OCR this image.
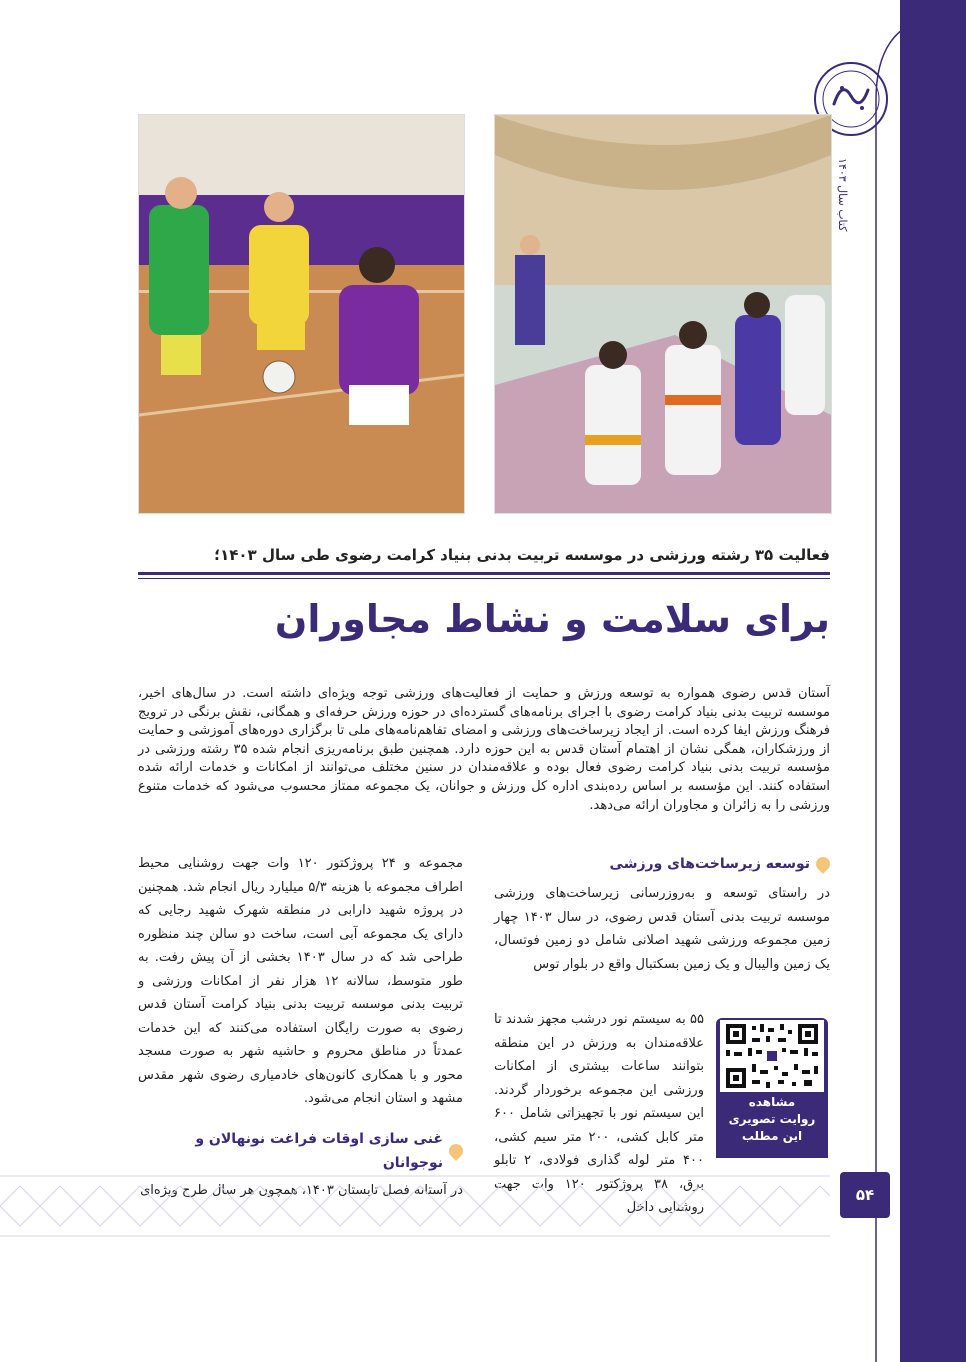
کتاب سال ۱۴۰۳
فعالیت ۳۵ رشته ورزشی در موسسه تربیت بدنی بنیاد کرامت رضوی طی سال ۱۴۰۳؛
برای سلامت و نشاط مجاوران
آستان قدس رضوی همواره به توسعه ورزش و حمایت از فعالیت‌های ورزشی توجه ویژه‌ای داشته است. در سال‌های اخیر، موسسه تربیت بدنی بنیاد کرامت رضوی با اجرای برنامه‌های گسترده‌ای در حوزه ورزش حرفه‌ای و همگانی، نقش برنگی در ترویج فرهنگ ورزش ایفا کرده است. از ایجاد زیرساخت‌های ورزشی و امضای تفاهم‌نامه‌های ملی تا برگزاری دوره‌های آموزشی و حمایت از ورزشکاران، همگی نشان از اهتمام آستان قدس به این حوزه دارد. همچنین طبق برنامه‌ریزی انجام شده ۳۵ رشته ورزشی در مؤسسه تربیت بدنی بنیاد کرامت رضوی فعال بوده و علاقه‌مندان در سنین مختلف می‌توانند از امکانات و خدمات ارائه شده استفاده کنند. این مؤسسه بر اساس رده‌بندی اداره کل ورزش و جوانان، یک مجموعه ممتاز محسوب می‌شود که خدمات متنوع ورزشی را به زائران و مجاوران ارائه می‌دهد.
توسعه زیرساخت‌های ورزشی

در راستای توسعه و به‌روزرسانی زیرساخت‌های ورزشی موسسه تربیت بدنی آستان قدس رضوی، در سال ۱۴۰۳ چهار زمین مجموعه ورزشی شهید اصلانی شامل دو زمین فوتسال، یک زمین والیبال و یک زمین بسکتبال واقع در بلوار توس

۵۵ به سیستم نور درشب مجهز شدند تا علاقه‌مندان به ورزش در این منطقه بتوانند ساعات بیشتری از امکانات ورزشی این مجموعه برخوردار گردند. این سیستم نور با تجهیزاتی شامل ۶۰۰ متر کابل کشی، ۲۰۰ متر سیم کشی، ۴۰۰ متر لوله گذاری فولادی، ۲ تابلو برق، ۳۸ پروژکتور ۱۲۰ وات جهت روشنایی داخل

مشاهده
روایت تصویری
این مطلب

مجموعه و ۲۴ پروژکتور ۱۲۰ وات جهت روشنایی محیط اطراف مجموعه با هزینه ۵/۳ میلیارد ریال انجام شد. همچنین در پروژه شهید دارابی در منطقه شهرک شهید رجایی که دارای یک مجموعه آبی است، ساخت دو سالن چند منظوره طراحی شد که در سال ۱۴۰۳ بخشی از آن پیش رفت. به طور متوسط، سالانه ۱۲ هزار نفر از امکانات ورزشی و تربیت بدنی موسسه تربیت بدنی بنیاد کرامت آستان قدس رضوی به صورت رایگان استفاده می‌کنند که این خدمات عمدتاً در مناطق محروم و حاشیه شهر به صورت مسجد محور و با همکاری کانون‌های خادمیاری رضوی شهر مقدس مشهد و استان انجام می‌شود.

غنی سازی اوقات فراغت نونهالان و نوجوانان

در آستانه فصل تابستان ۱۴۰۳، همچون هر سال طرح ویژه‌ای	۵۴
